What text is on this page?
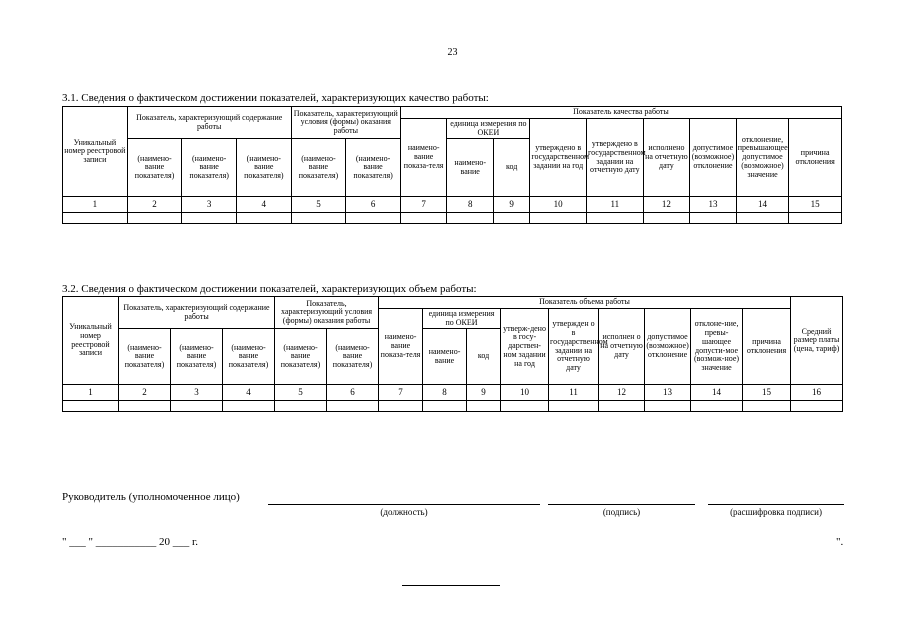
23
3.1. Сведения о фактическом достижении показателей, характеризующих качество работы:
Уникальный номер реестровой записи	Показатель, характеризующий содержание работы			Показатель, характеризующий условия (формы) оказания работы		Показатель качества работы								
						наимено-вание показа-теля	единица измерения по ОКЕИ		утверждено в государственном задании на год	утверждено в государственном задании на отчетную дату	исполнено на отчетную дату	допустимое (возможное) отклонение	отклонение, превышающее допустимое (возможное) значение	причина отклонения
	(наимено-вание показателя)	(наимено-вание показателя)	(наимено-вание показателя)	(наимено-вание показателя)	(наимено-вание показателя)		наимено-вание	код						
1	2	3	4	5	6	7	8	9	10	11	12	13	14	15

3.2. Сведения о фактическом достижении показателей, характеризующих объем работы:
Уникальный номер реестровой записи	Показатель, характеризующий содержание работы			Показатель, характеризующий условия (формы) оказания работы		Показатель объема работы									Средний размер платы (цена, тариф)
						наимено-вание показа-теля	единица измерения по ОКЕИ		утверж-дено в госу-дарствен-ном задании на год	утвержден о в государственном задании на отчетную дату	исполнен о на отчетную дату	допустимое (возможное) отклонение	отклоне-ние, превы-шающее допусти-мое (возмож-ное) значение	причина отклонения	
	(наимено-вание показателя)	(наимено-вание показателя)	(наимено-вание показателя)	(наимено-вание показателя)	(наимено-вание показателя)		наимено-вание	код							
1	2	3	4	5	6	7	8	9	10	11	12	13	14	15	16

Руководитель (уполномоченное лицо)
(должность)	(подпись)	(расшифровка подписи)
" ___ " ___________ 20 ___ г.	".
